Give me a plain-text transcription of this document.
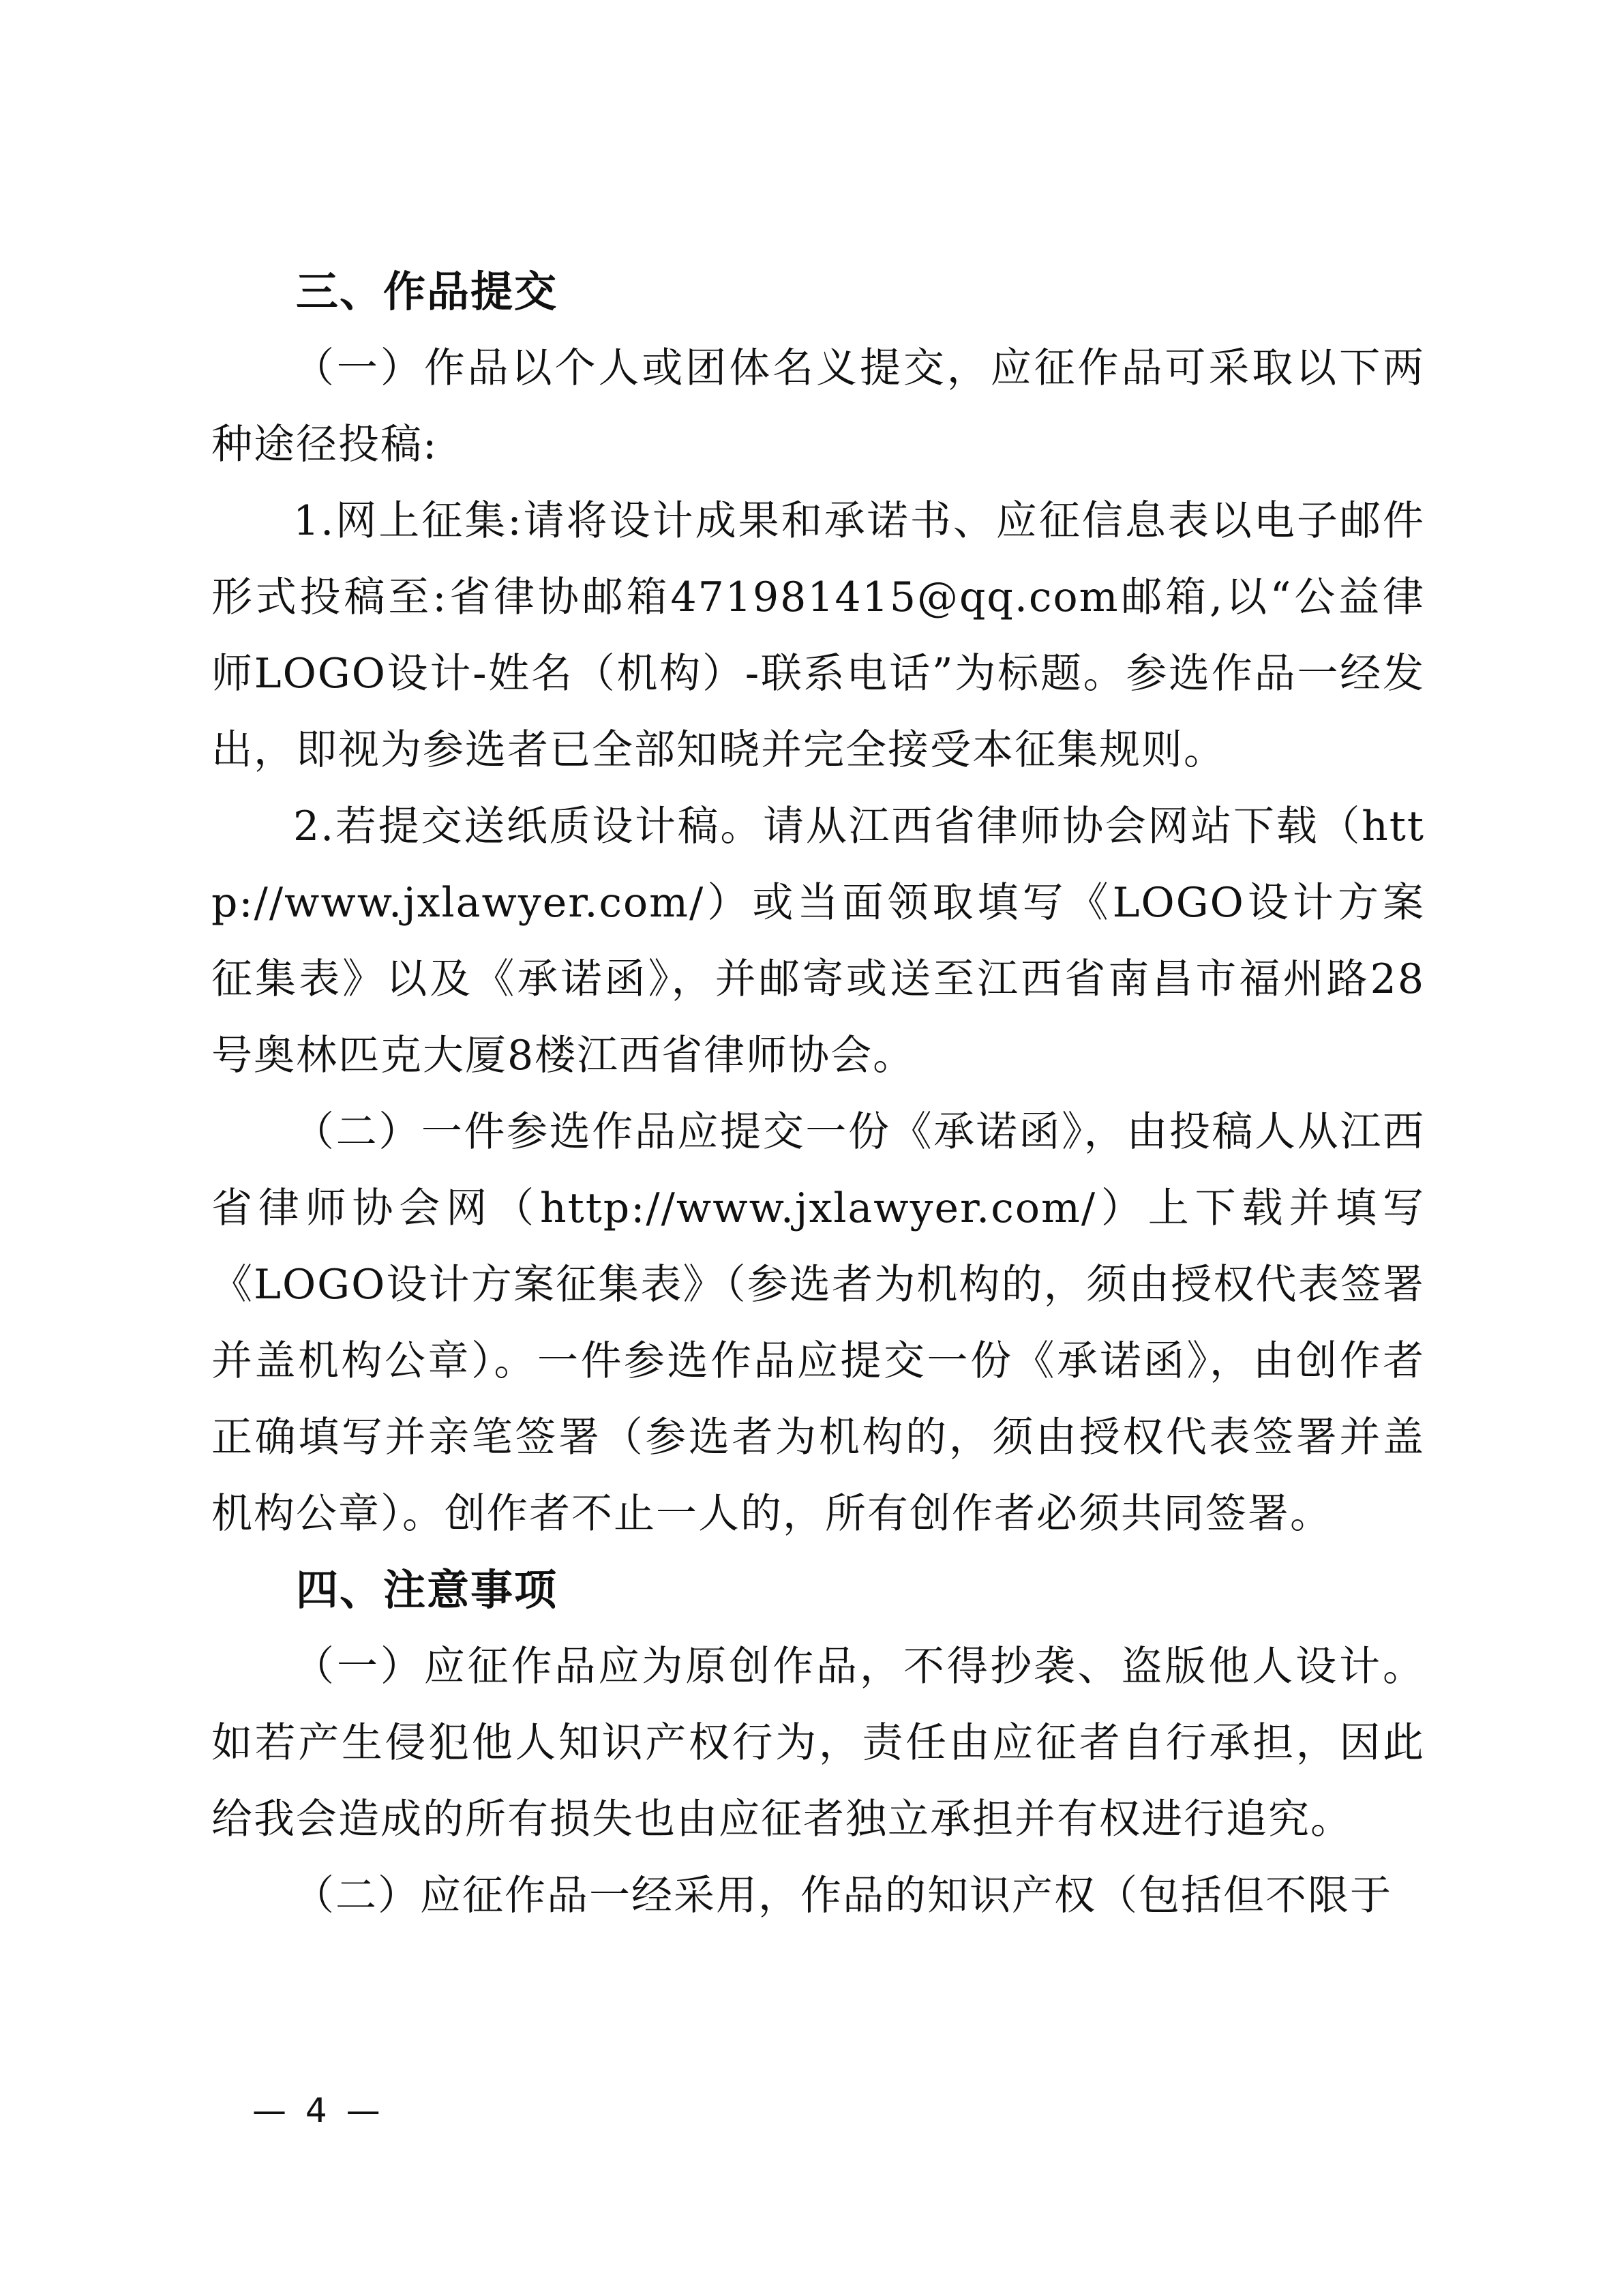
三、作品提交

（一）作品以个人或团体名义提交，应征作品可采取以下两种途径投稿:

1.网上征集:请将设计成果和承诺书、应征信息表以电子邮件形式投稿至:省律协邮箱471981415@qq.com邮箱,以“公益律师LOGO设计-姓名（机构）-联系电话”为标题。参选作品一经发出，即视为参选者已全部知晓并完全接受本征集规则。

2.若提交送纸质设计稿。请从江西省律师协会网站下载（http://www.jxlawyer.com/）或当面领取填写《LOGO设计方案征集表》以及《承诺函》，并邮寄或送至江西省南昌市福州路28号奥林匹克大厦8楼江西省律师协会。

（二）一件参选作品应提交一份《承诺函》，由投稿人从江西省律师协会网（http://www.jxlawyer.com/）上下载并填写《LOGO设计方案征集表》（参选者为机构的，须由授权代表签署并盖机构公章）。一件参选作品应提交一份《承诺函》，由创作者正确填写并亲笔签署（参选者为机构的，须由授权代表签署并盖机构公章）。创作者不止一人的，所有创作者必须共同签署。

四、注意事项

（一）应征作品应为原创作品，不得抄袭、盗版他人设计。如若产生侵犯他人知识产权行为，责任由应征者自行承担，因此给我会造成的所有损失也由应征者独立承担并有权进行追究。

（二）应征作品一经采用，作品的知识产权（包括但不限于

— 4 —
